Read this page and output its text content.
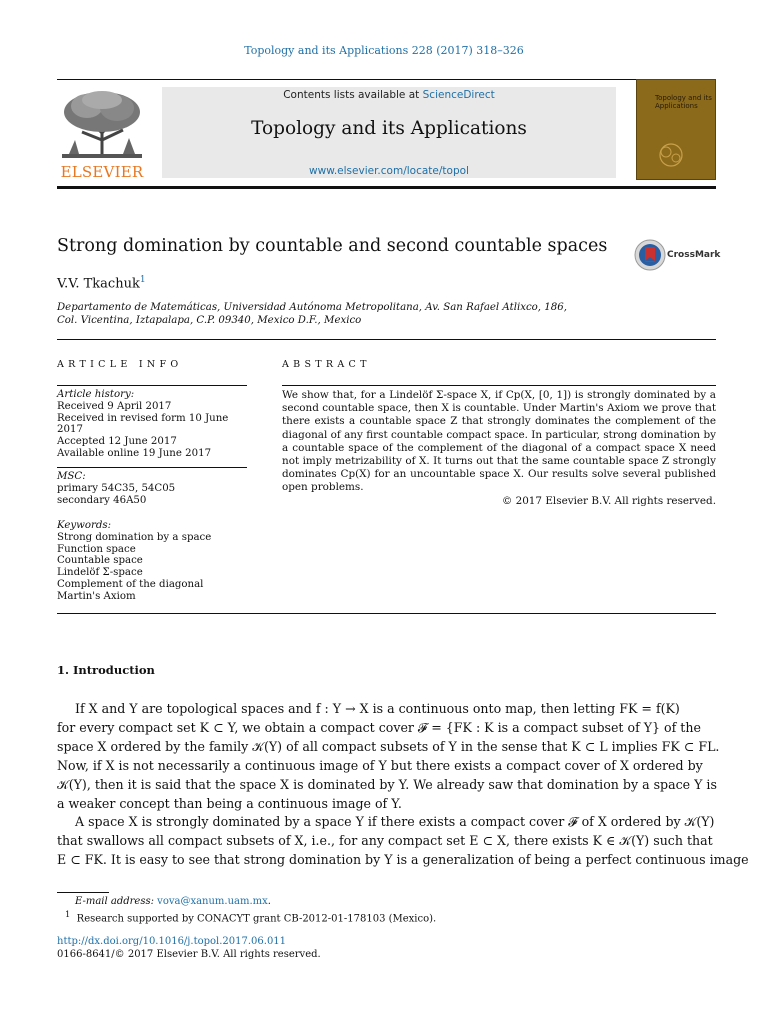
Topology and its Applications 228 (2017) 318–326
ELSEVIER
Contents lists available at ScienceDirect
Topology and its Applications
www.elsevier.com/locate/topol
Topology and its Applications
Strong domination by countable and second countable spaces	CrossMark
V.V. Tkachuk$^1$
Departamento de Matemáticas, Universidad Autónoma Metropolitana, Av. San Rafael Atlixco, 186,
Col. Vicentina, Iztapalapa, C.P. 09340, Mexico D.F., Mexico
ARTICLE INFO	ABSTRACT
Article history:
Received 9 April 2017
Received in revised form 10 June
2017
Accepted 12 June 2017
Available online 19 June 2017
MSC:
primary 54C35, 54C05
secondary 46A50
Keywords:
Strong domination by a space
Function space
Countable space
Lindelöf Σ-space
Complement of the diagonal
Martin's Axiom
We show that, for a Lindelöf Σ-space X, if Cp(X, [0, 1]) is strongly dominated by a second countable space, then X is countable. Under Martin's Axiom we prove that there exists a countable space Z that strongly dominates the complement of the diagonal of any first countable compact space. In particular, strong domination by a countable space of the complement of the diagonal of a compact space X need not imply metrizability of X. It turns out that the same countable space Z strongly dominates Cp(X) for an uncountable space X. Our results solve several published open problems.
© 2017 Elsevier B.V. All rights reserved.
1. Introduction
If X and Y are topological spaces and f : Y → X is a continuous onto map, then letting FK = f(K)
for every compact set K ⊂ Y, we obtain a compact cover 𝓕 = {FK : K is a compact subset of Y} of the
space X ordered by the family 𝒦(Y) of all compact subsets of Y in the sense that K ⊂ L implies FK ⊂ FL.
Now, if X is not necessarily a continuous image of Y but there exists a compact cover of X ordered by
𝒦(Y), then it is said that the space X is dominated by Y. We already saw that domination by a space Y is
a weaker concept than being a continuous image of Y.
A space X is strongly dominated by a space Y if there exists a compact cover 𝓕 of X ordered by 𝒦(Y)
that swallows all compact subsets of X, i.e., for any compact set E ⊂ X, there exists K ∈ 𝒦(Y) such that
E ⊂ FK. It is easy to see that strong domination by Y is a generalization of being a perfect continuous image
E-mail address: vova@xanum.uam.mx.
$^1$ Research supported by CONACYT grant CB-2012-01-178103 (Mexico).
http://dx.doi.org/10.1016/j.topol.2017.06.011
0166-8641/© 2017 Elsevier B.V. All rights reserved.
